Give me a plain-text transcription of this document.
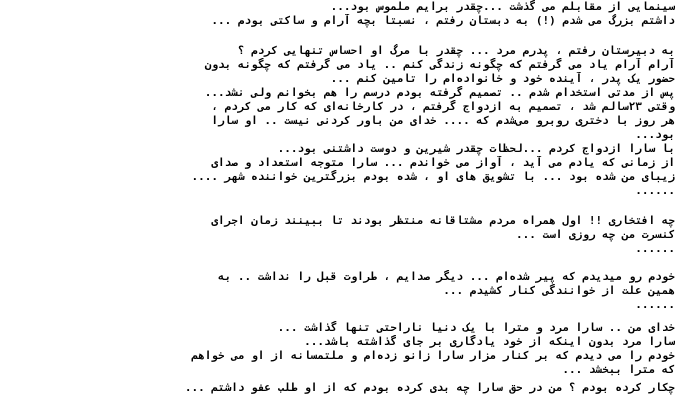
سینمایی از مقابلم می گذشت ...چقدر برایم ملموس بود...
داشتم بزرگ می شدم (!) به دبستان رفتم ، نسبتا بچه آرام و ساکتی بودم ...
به دبیرستان رفتم ، پدرم مرد ... چقدر با مرگ او احساس تنهایی کردم ؟
آرام آرام یاد می گرفتم که چگونه زندگی کنم .. یاد می گرفتم که چگونه بدون
حضور یک پدر ، آینده خود و خانواده‌ام را تامین کنم ...
پس از مدتی استخدام شدم .. تصمیم گرفته بودم درسم را هم بخوانم ولی نشد...
وقتی ۲۳سالم شد ، تصمیم به ازدواج گرفتم ، در کارخانه‌ای که کار می کردم ،
هر روز با دختری روبرو می‌شدم که .... خدای من باور کردنی نیست .. او سارا
بود...
با سارا ازدواج کردم ...لحظات چقدر شیرین و دوست داشتنی بود...
از زمانی که یادم می آید ، آواز می خواندم ... سارا متوجه استعداد و صدای
زیبای من شده بود ... با تشویق های او ، شده بودم بزرگترین خواننده شهر ....
......
چه افتخاری !! اول همراه مردم مشتاقانه منتظر بودند تا ببینند زمان اجرای
کنسرت من چه روزی است ...
......
خودم رو میدیدم که پیر شده‌ام ... دیگر صدایم ، طراوت قبل را نداشت .. به
همین علت از خوانندگی کنار کشیدم ...
......
خدای من .. سارا مرد و مترا با یک دنیا ناراحتی تنها گذاشت ...
سارا مرد بدون اینکه از خود یادگاری بر جای گذاشته باشد...
خودم را می دیدم که بر کنار مزار سارا زانو زده‌ام و ملتمسانه از او می خواهم
که مترا ببخشد ...
چکار کرده بودم ؟ من در حق سارا چه بدی کرده بودم که از او طلب عفو داشتم ...
